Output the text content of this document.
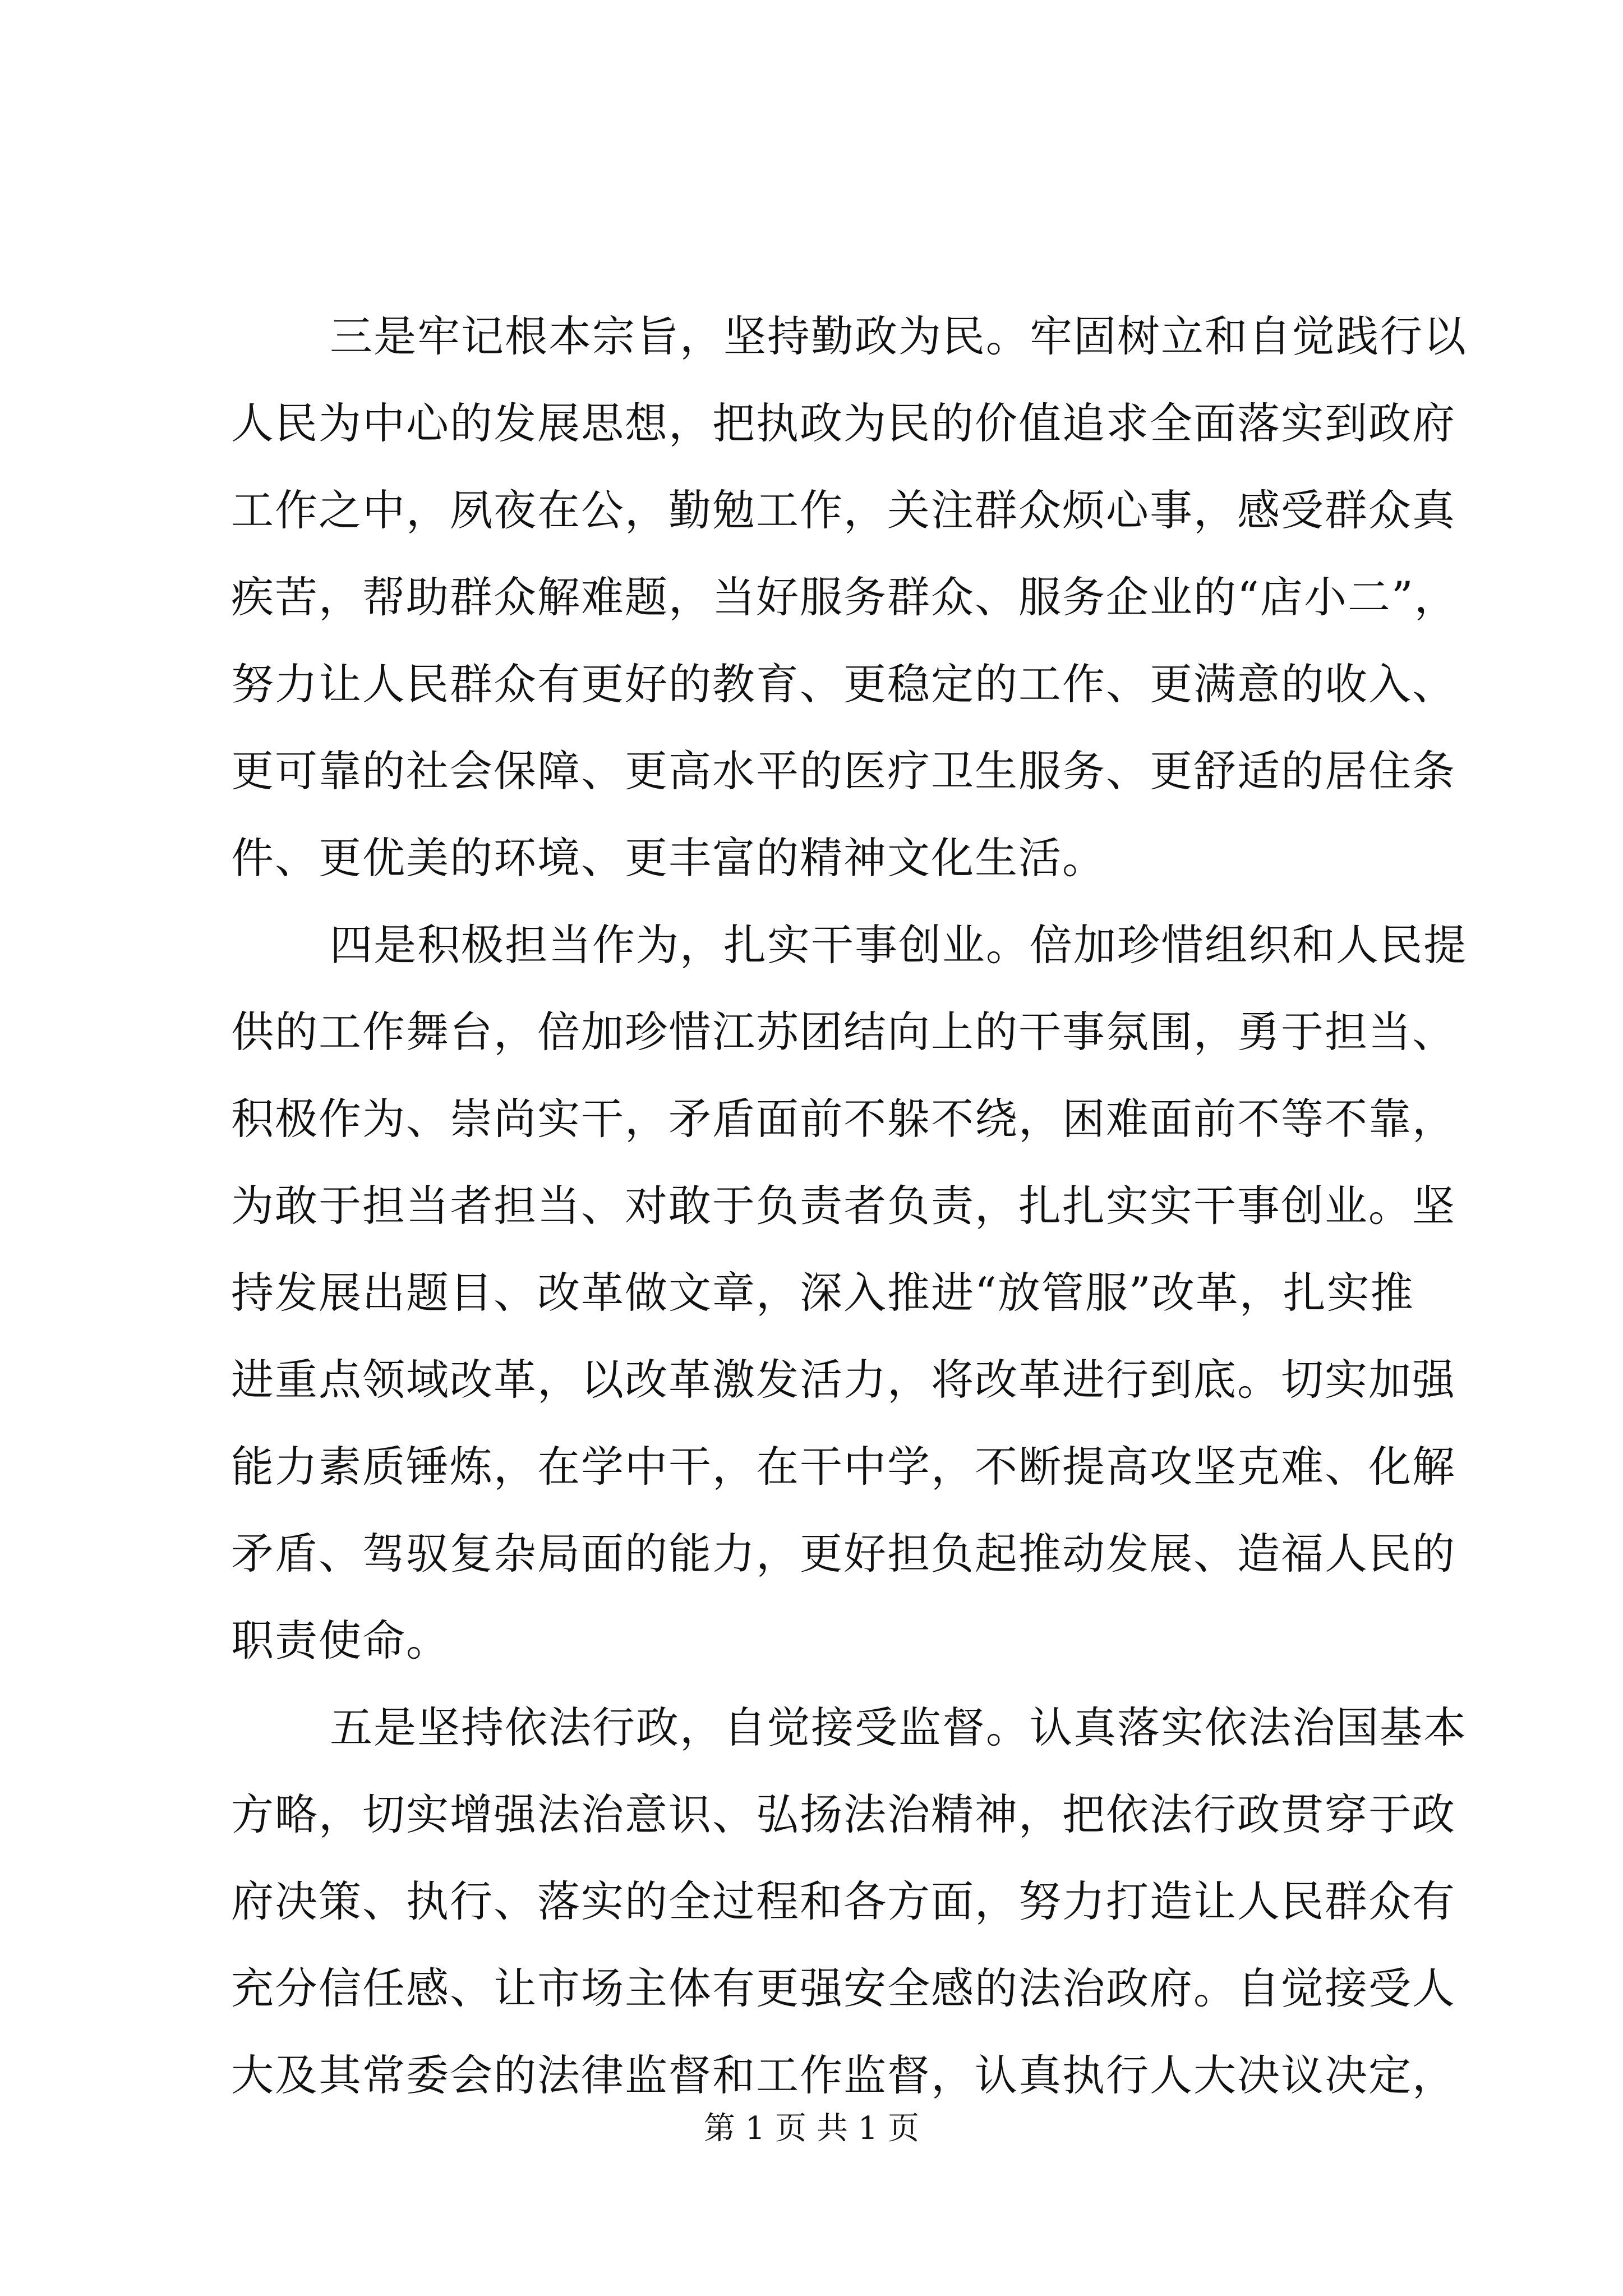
三是牢记根本宗旨，坚持勤政为民。牢固树立和自觉践行以
人民为中心的发展思想，把执政为民的价值追求全面落实到政府
工作之中，夙夜在公，勤勉工作，关注群众烦心事，感受群众真
疾苦，帮助群众解难题，当好服务群众、服务企业的“店小二”，
努力让人民群众有更好的教育、更稳定的工作、更满意的收入、
更可靠的社会保障、更高水平的医疗卫生服务、更舒适的居住条
件、更优美的环境、更丰富的精神文化生活。
四是积极担当作为，扎实干事创业。倍加珍惜组织和人民提
供的工作舞台，倍加珍惜江苏团结向上的干事氛围，勇于担当、
积极作为、崇尚实干，矛盾面前不躲不绕，困难面前不等不靠，
为敢于担当者担当、对敢于负责者负责，扎扎实实干事创业。坚
持发展出题目、改革做文章，深入推进“放管服”改革，扎实推
进重点领域改革，以改革激发活力，将改革进行到底。切实加强
能力素质锤炼，在学中干，在干中学，不断提高攻坚克难、化解
矛盾、驾驭复杂局面的能力，更好担负起推动发展、造福人民的
职责使命。
五是坚持依法行政，自觉接受监督。认真落实依法治国基本
方略，切实增强法治意识、弘扬法治精神，把依法行政贯穿于政
府决策、执行、落实的全过程和各方面，努力打造让人民群众有
充分信任感、让市场主体有更强安全感的法治政府。自觉接受人
大及其常委会的法律监督和工作监督，认真执行人大决议决定，
第 1 页 共 1 页
